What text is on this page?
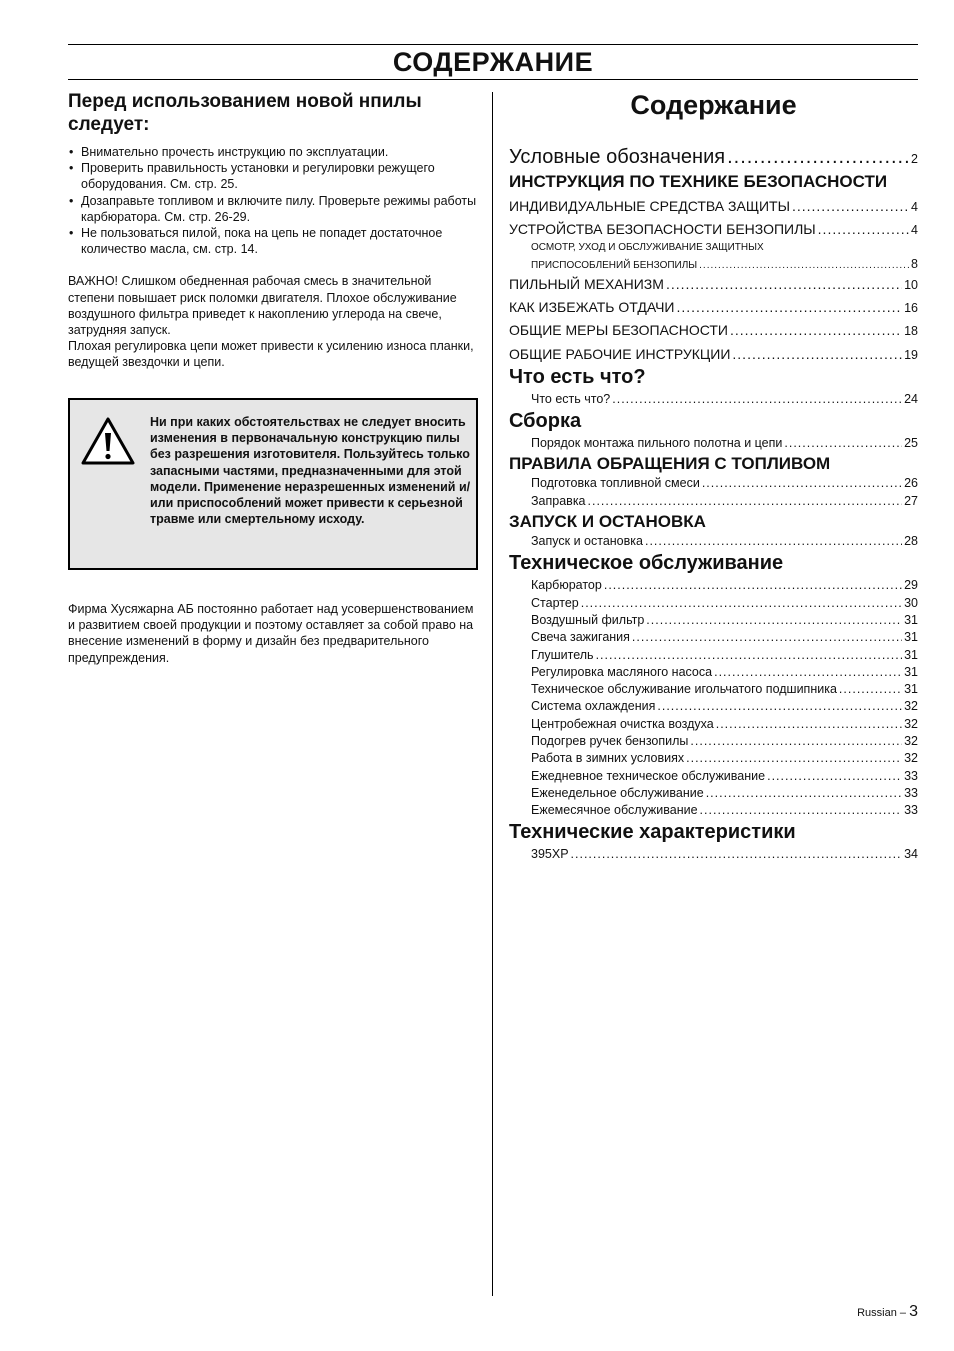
СОДЕРЖАНИЕ
Перед использованием новой нпилы следует:
• Внимательно прочесть инструкцию по эксплуатации.
• Проверить правильность установки и регулировки режущего оборудования. См. стр. 25.
• Дозаправьте топливом и включите пилу. Проверьте режимы работы карбюратора. См. стр. 26-29.
• Не пользоваться пилой, пока на цепь не попадет достаточное количество масла, см. стр. 14.

ВАЖНО! Слишком обедненная рабочая смесь в значительной степени повышает риск поломки двигателя. Плохое обслуживание воздушного фильтра приведет к накоплению углерода на свече, затрудняя запуск.

Плохая регулировка цепи может привести к усилению износа планки, ведущей звездочки и цепи.

Ни при каких обстоятельствах не следует вносить изменения в первоначальную конструкцию пилы без разрешения изготовителя. Пользуйтесь только запасными частями, предназначенными для этой модели. Применение неразрешенных изменений и/или приспособлений может привести к серьезной травме или смертельному исходу.

Фирма Хусяжарна АБ постоянно работает над усовершенствованием и развитием своей продукции и поэтому оставляет за собой право на внесение изменений в форму и дизайн без предварительного предупреждения.

Содержание
Условные обозначения .....	2
ИНСТРУКЦИЯ ПО ТЕХНИКЕ БЕЗОПАСНОСТИ
ИНДИВИДУАЛЬНЫЕ СРЕДСТВА ЗАЩИТЫ .....	4
УСТРОЙСТВА БЕЗОПАСНОСТИ БЕНЗОПИЛЫ .....	4
ОСМОТР, УХОД И ОБСЛУЖИВАНИЕ ЗАЩИТНЫХ
ПРИСПОСОБЛЕНИЙ БЕНЗОПИЛЫ .....	8
ПИЛЬНЫЙ МЕХАНИЗМ .....	10
КАК ИЗБЕЖАТЬ ОТДАЧИ .....	16
ОБЩИЕ МЕРЫ БЕЗОПАСНОСТИ .....	18
ОБЩИЕ РАБОЧИЕ ИНСТРУКЦИИ .....	19
Что есть что?
Что есть что? .....	24
Сборка
Порядок монтажа пильного полотна и цепи .....	25
ПРАВИЛА ОБРАЩЕНИЯ С ТОПЛИВОМ
Подготовка топливной смеси .....	26
Заправка .....	27
ЗАПУСК И ОСТАНОВКА
Запуск и остановка .....	28
Техническое обслуживание
Карбюратор .....	29
Стартер .....	30
Воздушный фильтр .....	31
Свеча зажигания .....	31
Глушитель .....	31
Регулировка масляного насоса .....	31
Техническое обслуживание игольчатого подшипника .....	31
Система охлаждения .....	32
Центробежная очистка воздуха .....	32
Подогрев ручек бензопилы .....	32
Работа в зимних условиях .....	32
Ежедневное техническое обслуживание .....	33
Еженедельное обслуживание .....	33
Ежемесячное обслуживание .....	33
Технические характеристики
395XP .....	34
Russian – 3
